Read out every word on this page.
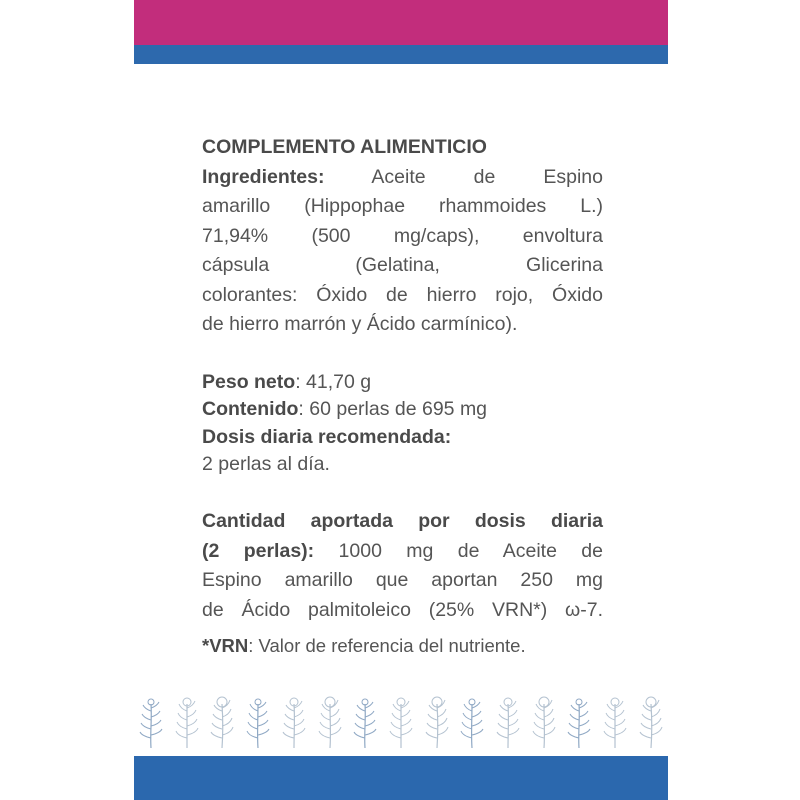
COMPLEMENTO ALIMENTICIO
Ingredientes: Aceite de Espino
amarillo (Hippophae rhammoides L.)
71,94% (500 mg/caps), envoltura
cápsula (Gelatina, Glicerina
colorantes: Óxido de hierro rojo, Óxido
de hierro marrón y Ácido carmínico).
Peso neto: 41,70 g
Contenido: 60 perlas de 695 mg
Dosis diaria recomendada:
2 perlas al día.
Cantidad aportada por dosis diaria
(2 perlas): 1000 mg de Aceite de
Espino amarillo que aportan 250 mg
de Ácido palmitoleico (25% VRN*) ω-7.
*VRN: Valor de referencia del nutriente.
